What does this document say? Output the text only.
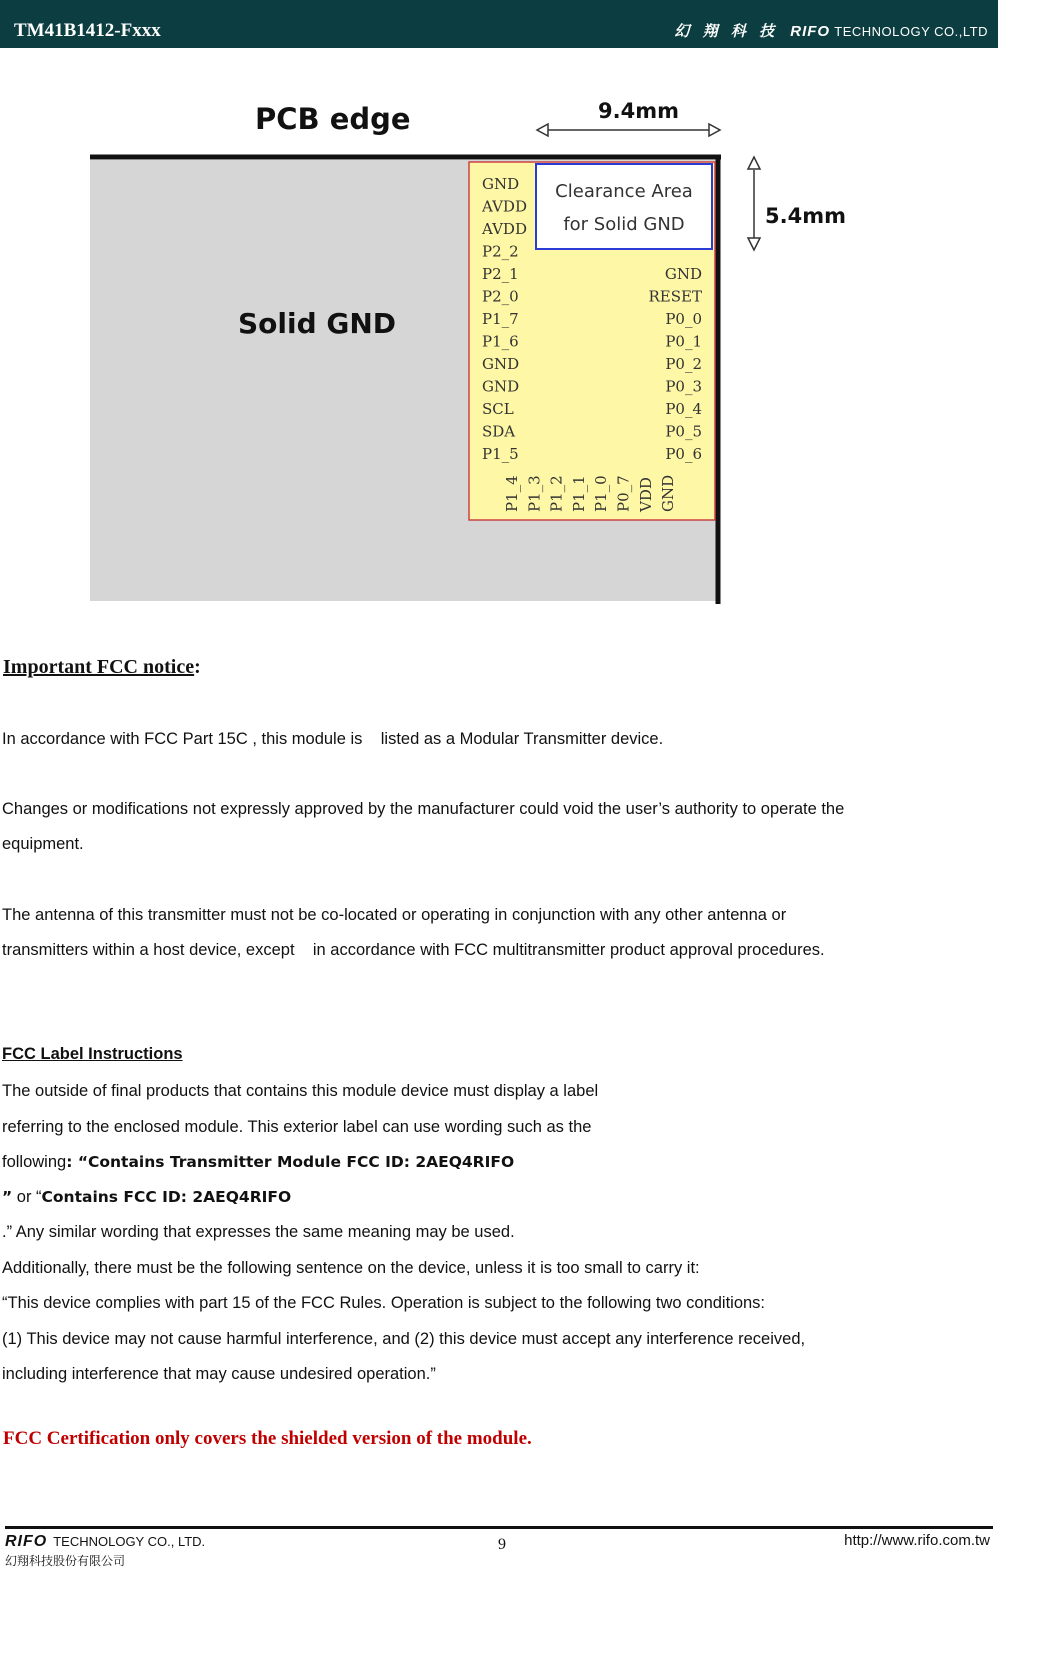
TM41B1412-Fxxx	幻 翔 科 技 RIFO TECHNOLOGY CO.,LTD
PCB edge
Solid GND
9.4mm
5.4mm
Clearance Area
for Solid GND
GND
AVDD
AVDD
P2_2
P2_1
P2_0
P1_7
P1_6
GND
GND
SCL
SDA
P1_5
GND
RESET
P0_0
P0_1
P0_2
P0_3
P0_4
P0_5
P0_6
P1_4 P1_3 P1_2 P1_1 P1_0 P0_7 VDD GND
Important FCC notice:
In accordance with FCC Part 15C , this module is    listed as a Modular Transmitter device.
Changes or modifications not expressly approved by the manufacturer could void the user’s authority to operate the
equipment.
The antenna of this transmitter must not be co-located or operating in conjunction with any other antenna or
transmitters within a host device, except    in accordance with FCC multitransmitter product approval procedures.
FCC Label Instructions
The outside of final products that contains this module device must display a label
referring to the enclosed module. This exterior label can use wording such as the
following: “Contains Transmitter Module FCC ID: 2AEQ4RIFO
” or “Contains FCC ID: 2AEQ4RIFO
.” Any similar wording that expresses the same meaning may be used.
Additionally, there must be the following sentence on the device, unless it is too small to carry it:
“This device complies with part 15 of the FCC Rules. Operation is subject to the following two conditions:
(1) This device may not cause harmful interference, and (2) this device must accept any interference received,
including interference that may cause undesired operation.”
FCC Certification only covers the shielded version of the module.
RIFO TECHNOLOGY CO., LTD.
幻翔科技股份有限公司
9	http://www.rifo.com.tw
